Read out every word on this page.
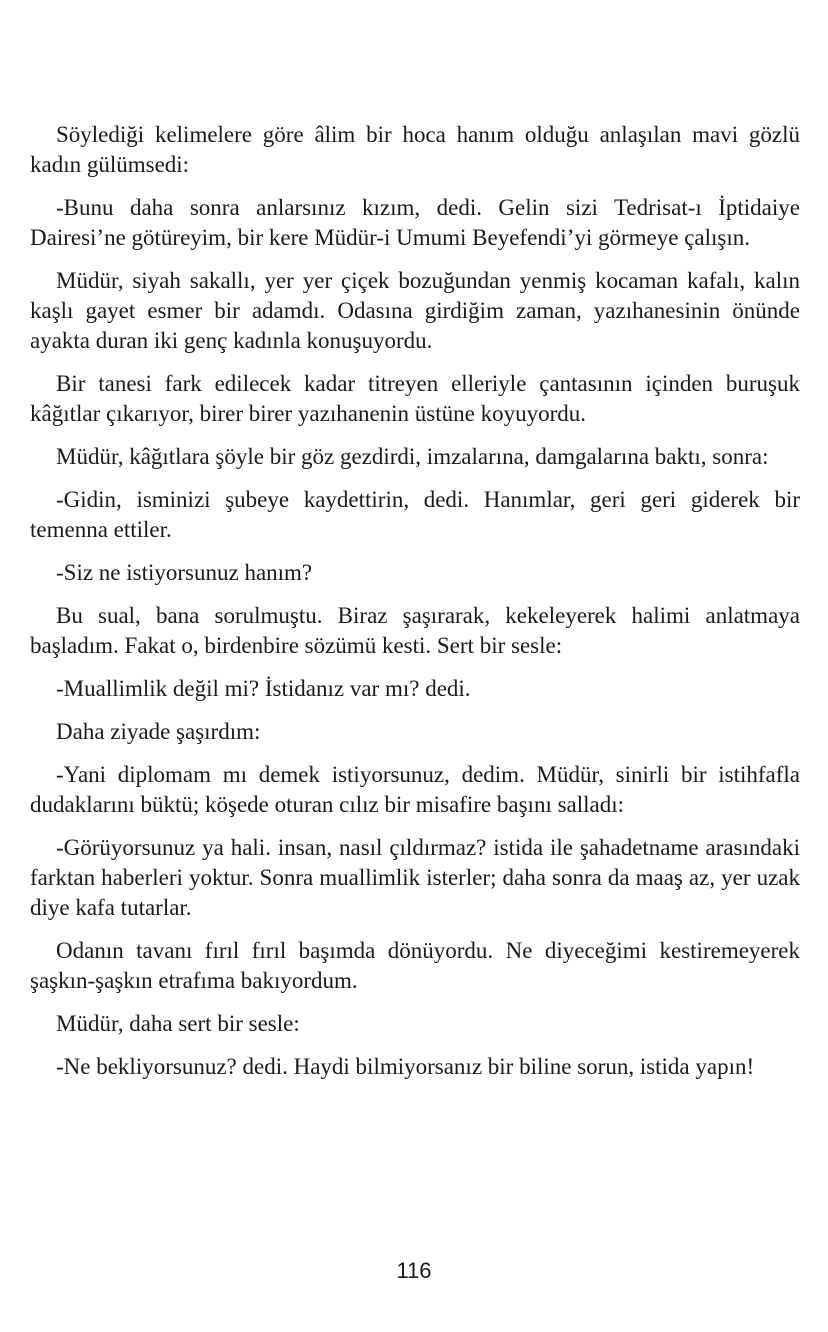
Söylediği kelimelere göre âlim bir hoca hanım olduğu anlaşılan mavi gözlü kadın gülümsedi:

-Bunu daha sonra anlarsınız kızım, dedi. Gelin sizi Tedrisat-ı İptidaiye Dairesi’ne götüreyim, bir kere Müdür-i Umumi Beyefendi’yi görmeye çalışın.

Müdür, siyah sakallı, yer yer çiçek bozuğundan yenmiş kocaman kafalı, kalın kaşlı gayet esmer bir adamdı. Odasına girdiğim zaman, yazıhanesinin önünde ayakta duran iki genç kadınla konuşuyordu.

Bir tanesi fark edilecek kadar titreyen elleriyle çantasının içinden buruşuk kâğıtlar çıkarıyor, birer birer yazıhanenin üstüne koyuyordu.

Müdür, kâğıtlara şöyle bir göz gezdirdi, imzalarına, damgalarına baktı, sonra:

-Gidin, isminizi şubeye kaydettirin, dedi. Hanımlar, geri geri giderek bir temenna ettiler.

-Siz ne istiyorsunuz hanım?

Bu sual, bana sorulmuştu. Biraz şaşırarak, kekeleyerek halimi anlatmaya başladım. Fakat o, birdenbire sözümü kesti. Sert bir sesle:

-Muallimlik değil mi? İstidanız var mı? dedi.

Daha ziyade şaşırdım:

-Yani diplomam mı demek istiyorsunuz, dedim. Müdür, sinirli bir istihfafla dudaklarını büktü; köşede oturan cılız bir misafire başını salladı:

-Görüyorsunuz ya hali. insan, nasıl çıldırmaz? istida ile şahadetname arasındaki farktan haberleri yoktur. Sonra muallimlik isterler; daha sonra da maaş az, yer uzak diye kafa tutarlar.

Odanın tavanı fırıl fırıl başımda dönüyordu. Ne diyeceğimi kestiremeyerek şaşkın-şaşkın etrafıma bakıyordum.

Müdür, daha sert bir sesle:

-Ne bekliyorsunuz? dedi. Haydi bilmiyorsanız bir biline sorun, istida yapın!

116
